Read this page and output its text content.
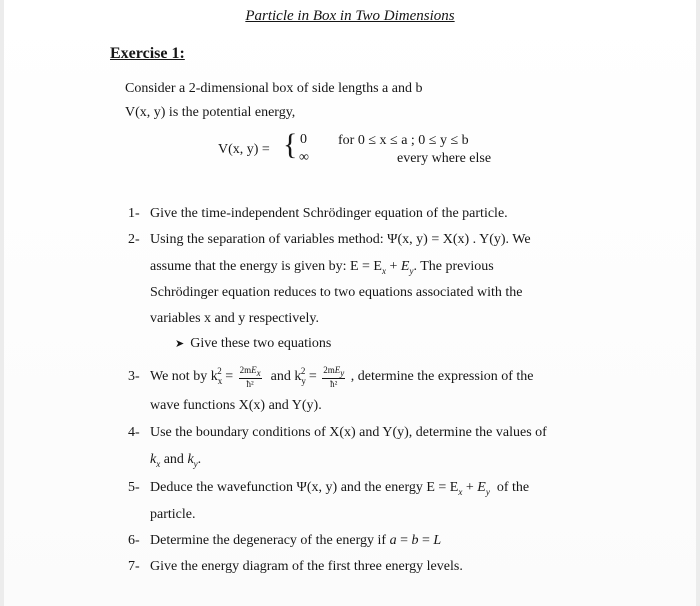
Particle in Box in Two Dimensions
Exercise 1:
Consider a 2-dimensional box of side lengths a and b
V(x, y) is the potential energy,
V(x, y) = { 0
∞
for 0 ≤ x ≤ a ; 0 ≤ y ≤ b
every where else
1- Give the time-independent Schrödinger equation of the particle.
2- Using the separation of variables method: Ψ(x, y) = X(x) . Y(y). We
assume that the energy is given by: $E = E_x + E_y$. The previous
Schrödinger equation reduces to two equations associated with the
variables x and y respectively.
➤ Give these two equations
3- We not by $k_x^2 = \frac{2mE_x}{\text{ħ²}}$ and $k_y^2 = \frac{2mE_y}{\text{ħ²}}$ , determine the expression of the
wave functions X(x) and Y(y).
4- Use the boundary conditions of X(x) and Y(y), determine the values of
$k_x$ and $k_y$.
5- Deduce the wavefunction Ψ(x, y) and the energy $E = E_x + E_y$ of the
particle.
6- Determine the degeneracy of the energy if a = b = L
7- Give the energy diagram of the first three energy levels.
